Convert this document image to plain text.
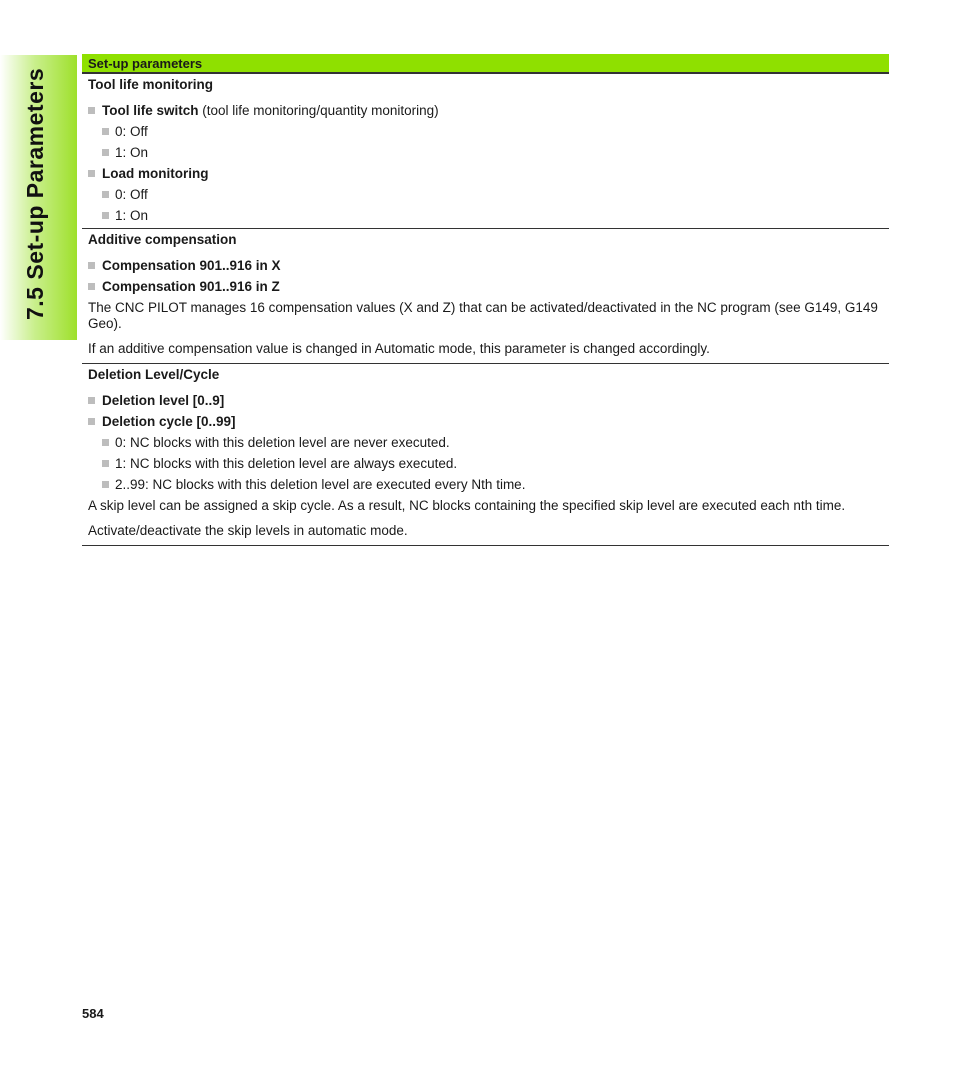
7.5 Set-up Parameters
Set-up parameters
Tool life monitoring
Tool life switch (tool life monitoring/quantity monitoring)
0: Off
1: On
Load monitoring
0: Off
1: On
Additive compensation
Compensation 901..916 in X
Compensation 901..916 in Z
The CNC PILOT manages 16 compensation values (X and Z) that can be activated/deactivated in the NC program (see G149, G149 Geo).
If an additive compensation value is changed in Automatic mode, this parameter is changed accordingly.
Deletion Level/Cycle
Deletion level [0..9]
Deletion cycle [0..99]
0: NC blocks with this deletion level are never executed.
1: NC blocks with this deletion level are always executed.
2..99: NC blocks with this deletion level are executed every Nth time.
A skip level can be assigned a skip cycle. As a result, NC blocks containing the specified skip level are executed each nth time.
Activate/deactivate the skip levels in automatic mode.
584
